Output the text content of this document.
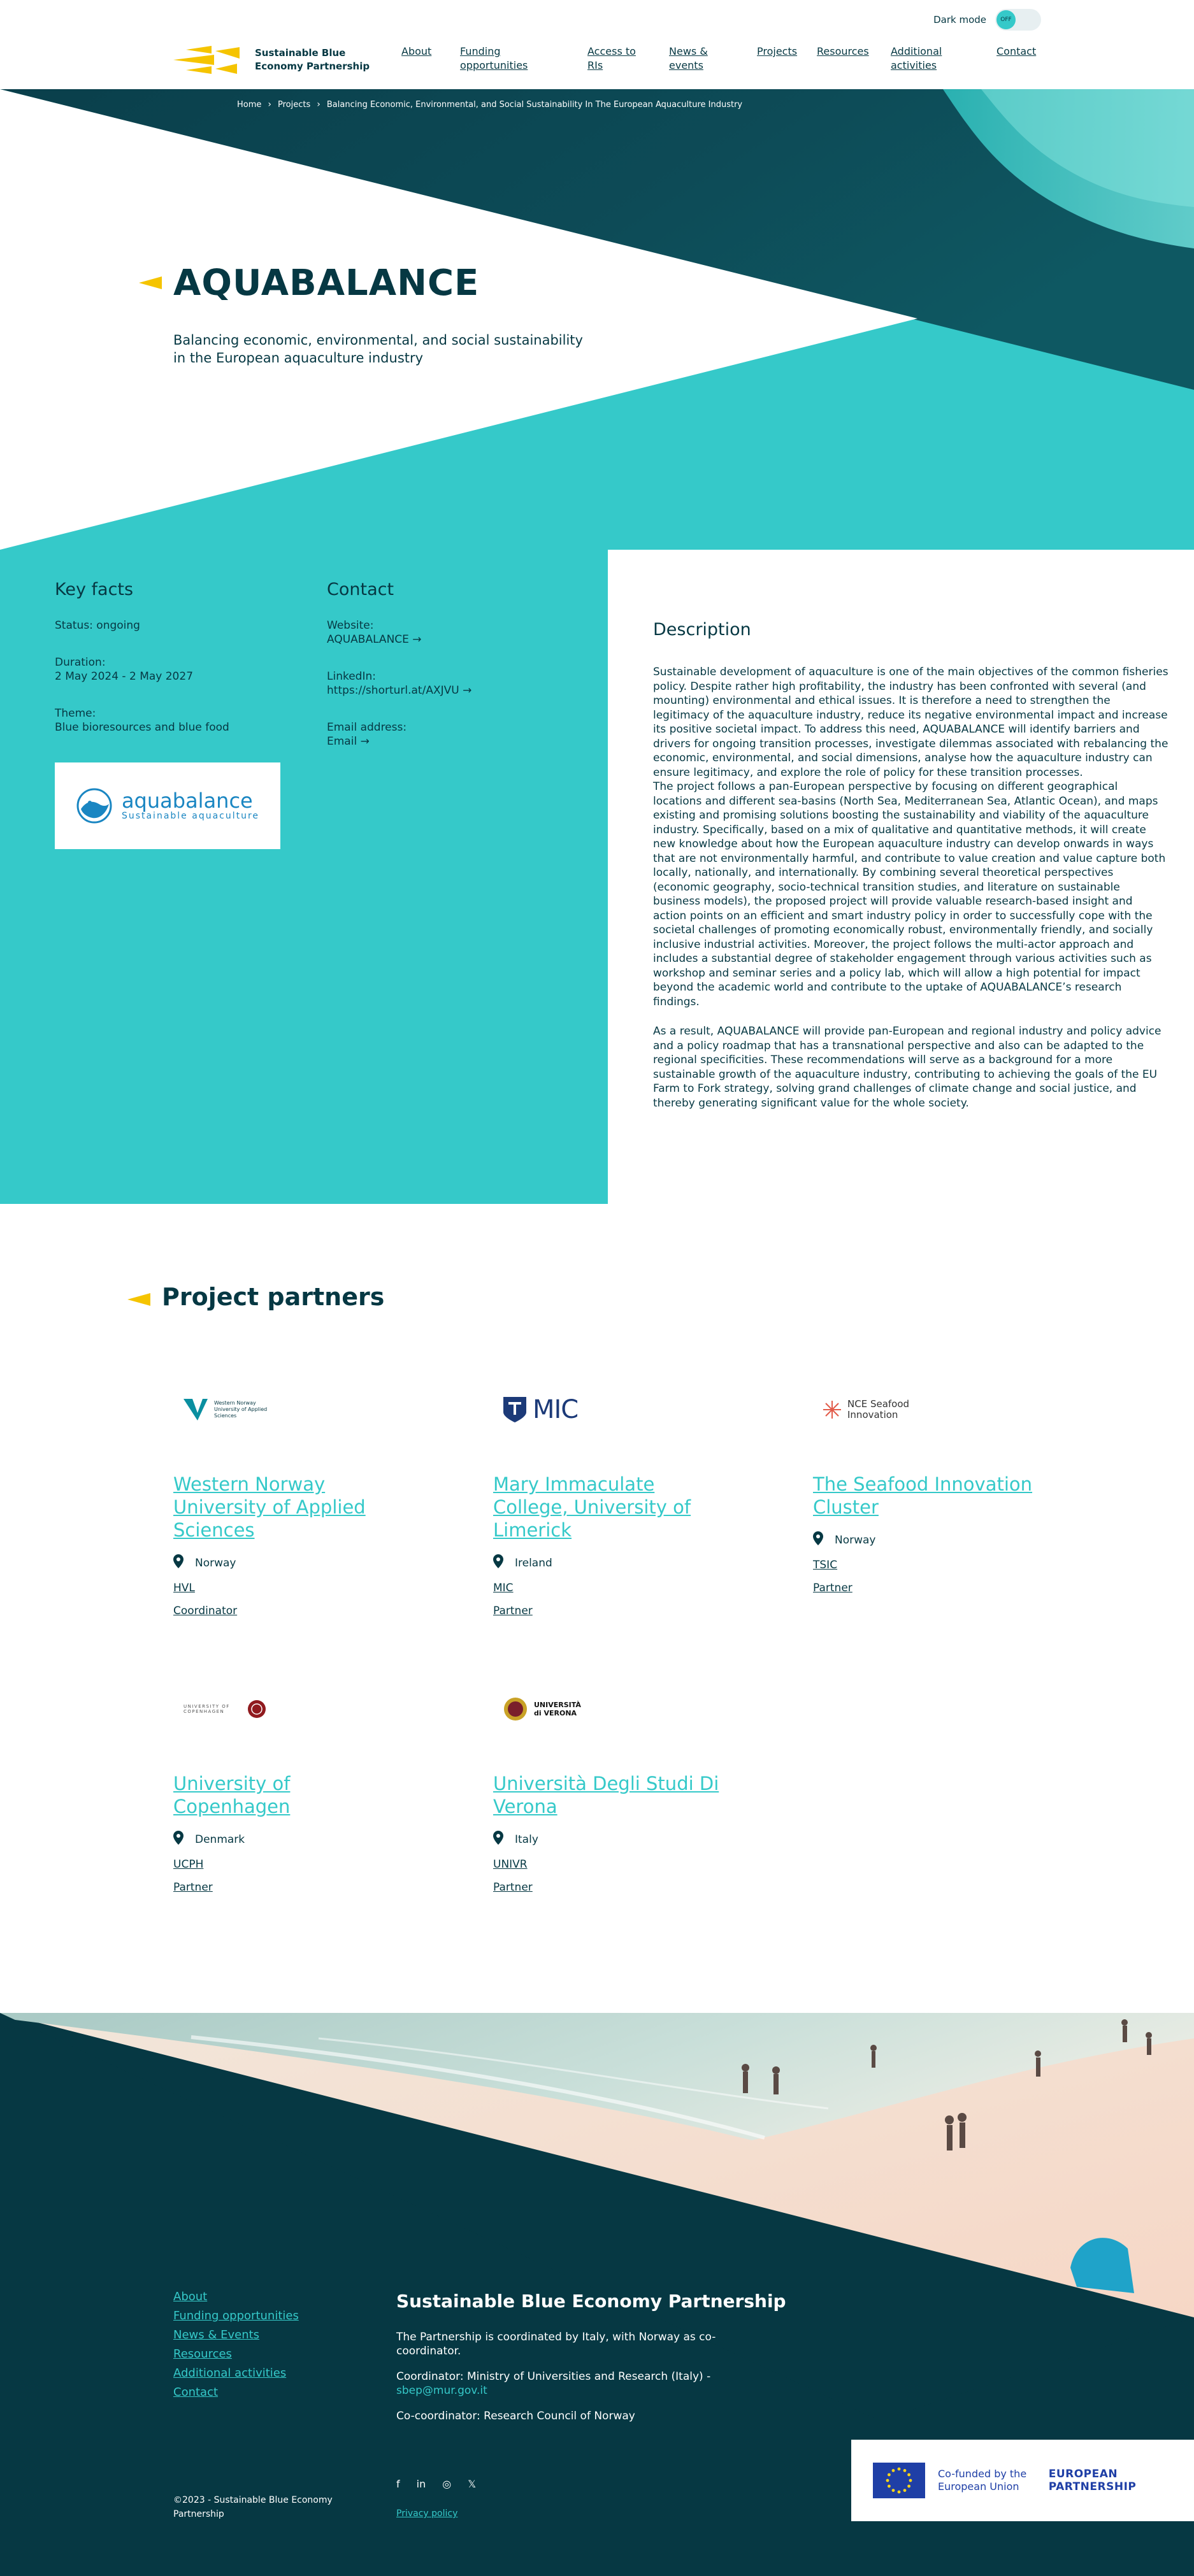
Dark mode	OFF
Sustainable Blue Economy Partnership
About	Funding opportunities
Access to RIs
News & events
Projects	Resources	Additional activities
Contact
Home › Projects › Balancing Economic, Environmental, and Social Sustainability In The European Aquaculture Industry
AQUABALANCE

Balancing economic, environmental, and social sustainability in the European aquaculture industry

Key facts
Status: ongoing
Duration:
2 May 2024 - 2 May 2027
Theme:
Blue bioresources and blue food
aquabalance
Sustainable aquaculture
Contact
Website:
AQUABALANCE →
LinkedIn:
https://shorturl.at/AXJVU →
Email address:
Email →
Description

Sustainable development of aquaculture is one of the main objectives of the common fisheries policy. Despite rather high profitability, the industry has been confronted with several (and mounting) environmental and ethical issues. It is therefore a need to strengthen the legitimacy of the aquaculture industry, reduce its negative environmental impact and increase its positive societal impact. To address this need, AQUABALANCE will identify barriers and drivers for ongoing transition processes, investigate dilemmas associated with rebalancing the economic, environmental, and social dimensions, analyse how the aquaculture industry can ensure legitimacy, and explore the role of policy for these transition processes.

The project follows a pan-European perspective by focusing on different geographical locations and different sea-basins (North Sea, Mediterranean Sea, Atlantic Ocean), and maps existing and promising solutions boosting the sustainability and viability of the aquaculture industry. Specifically, based on a mix of qualitative and quantitative methods, it will create new knowledge about how the European aquaculture industry can develop onwards in ways that are not environmentally harmful, and contribute to value creation and value capture both locally, nationally, and internationally. By combining several theoretical perspectives (economic geography, socio-technical transition studies, and literature on sustainable business models), the proposed project will provide valuable research-based insight and action points on an efficient and smart industry policy in order to successfully cope with the societal challenges of promoting economically robust, environmentally friendly, and socially inclusive industrial activities. Moreover, the project follows the multi-actor approach and includes a substantial degree of stakeholder engagement through various activities such as workshop and seminar series and a policy lab, which will allow a high potential for impact beyond the academic world and contribute to the uptake of AQUABALANCE’s research findings.

As a result, AQUABALANCE will provide pan-European and regional industry and policy advice and a policy roadmap that has a transnational perspective and also can be adapted to the regional specificities. These recommendations will serve as a background for a more sustainable growth of the aquaculture industry, contributing to achieving the goals of the EU Farm to Fork strategy, solving grand challenges of climate change and social justice, and thereby generating significant value for the whole society.

Project partners
Western Norway University of Applied Sciences
Western Norway University of Applied Sciences
Norway
HVL
Coordinator
MIC
Mary Immaculate College, University of Limerick
Ireland
MIC
Partner
NCE Seafood Innovation
The Seafood Innovation Cluster
Norway
TSIC
Partner
UNIVERSITY OF COPENHAGEN
University of Copenhagen
Denmark
UCPH
Partner
UNIVERSITÀ di VERONA
Università Degli Studi Di Verona
Italy
UNIVR
Partner
About
Funding opportunities
News & Events
Resources
Additional activities
Contact
Sustainable Blue Economy Partnership

The Partnership is coordinated by Italy, with Norway as co-coordinator.

Coordinator: Ministry of Universities and Research (Italy) -
sbep@mur.gov.it

Co-coordinator: Research Council of Norway

©2023 - Sustainable Blue Economy Partnership
f in ◎ 𝕏
Privacy policy
Co-funded by the European Union
EUROPEAN PARTNERSHIP
